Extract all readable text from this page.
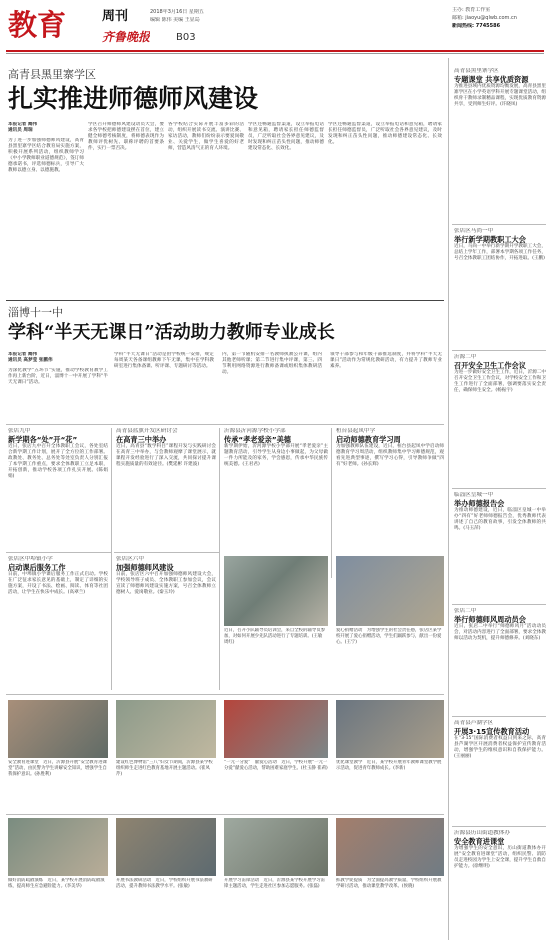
教育	周刊	2018年3月16日 星期五
编辑 陈伟 美编 王显岛
齐鲁晚报	B03
主办: 教育工作室
邮箱: jiaoyu@qlwb.com.cn
新闻热线: 7745586
高青县黑里寨学区
扎实推进师德师风建设
本报记者 阚伟
通讯员 周瑞
为了进一步加强师德师风建设，高青县黑里寨学区结合教育局实施方案，积极开展系列活动，组织教师学习《中小学教师职业道德规范》，签订师德承诺书，评选师德标兵，引导广大教师以德立身、以德施教。
学区召开师德师风建设动员大会，要求各学校把师德建设摆在首位，建立健全师德考核制度，将师德表现作为教师评优树先、职称评聘的首要条件，实行一票否决。
各学校结合实际开展丰富多彩的活动，组织开展读书交流、演讲比赛、家访活动，教师们纷纷表示要爱岗敬业、关爱学生，做学生喜爱的好老师，营造风清气正的育人环境。
学区还畅通监督渠道，设立举报电话和意见箱，聘请家长担任师德监督员，广泛听取社会各界意见建议，及时发现和纠正苗头性问题，推动师德建设常态化、长效化。
学区还畅通监督渠道，设立举报电话和意见箱，聘请家长担任师德监督员，广泛听取社会各界意见建议，及时发现和纠正苗头性问题，推动师德建设常态化、长效化。
淄博十一中
学科“半天无课日”活动助力教师专业成长
本报记者 阚伟
通讯员 高梦莹 张鹏伟
为深化教学“五环节”实施，推动学校教育教学工作再上新台阶，近日，淄博十一中开展了学科“半天无课日”活动。
学科“半天无课日”活动是由学校统一安排，规定每周某天各备课组教师下午无课，集中在学科教研室进行集体备课、听评课、专题研讨等活动。
内，第一节随机安排一名教师执教公开课，组内其他老师听课；第二节进行集中评课，第三、四节利用网络资源进行教师备课或组织集体教研活动。
领导干部参与和年级干部推选制度，并将学科“半天无课日”活动作为常规化教研活动，有力提升了教师专业素养。
张店九中
新学期各“处”开“花”
近日，张店九中召开全体教职工会议，各处室结合新学期工作计划，展开了全方位的工作部署。政教处、教务处、总务处等处室负责人分别汇报了本学期工作重点，要求全体教职工立足本职，开拓创新，推动学校各项工作扎实开展。(陈娟娟)
高青县蓝旗开发区研讨会
在高青三中举办
近日，高青县“数学科目”课程开发与实践研讨会在高青三中举办，与会教师观摩了课堂展示，就课程开发经验进行了深入交流，共同探讨提升课程实施质量的有效途径。(樊延彬 许建波)
沂源县沂河源学校小学部
传承“孝老爱亲”美德
新学期伊始，沂河源学校小学部开展“孝老爱亲”主题教育活动，引导学生从身边小事做起，为父母做一件力所能及的家务，学会感恩，传承中华民族传统美德。(王君君)
桓台县起凤中学
启动师德教育学习周
为加强教师队伍建设，近日，桓台县起凤中学启动师德教育学习周活动，组织教师集中学习师德规范，观看先进典型事迹，撰写学习心得，引导教师争做“四有”好老师。(孙长辉)
张店区中埠镇小学
启动课后服务工作
日前，中埠镇小学课后服务工作正式启动。学校在广泛征求家长意见的基础上，制定了详细的实施方案，开设了书法、绘画、阅读、体育等社团活动，让学生在快乐中成长。(高翠兰)
张店区六中
加强师德师风建设
日前，张店区六中召开加强师德师风建设大会，学校领导班子成员、全体教职工参加会议，会议宣读了师德师风建设实施方案，号召全体教师立德树人、爱岗敬业。(秦玉玲)
近日，召开小队辅导员培训会，来自全校的辅导员参加，对如何开展少先队活动进行了专题培训。(王敏 周红)
爱心捐赠活动　为增强学生的社会责任感，张店区某学校开展了爱心捐赠活动，学生们踊跃参与，献出一份爱心。(王宁)
安全教育进课堂　近日，沂源县开展“安全教育进课堂”活动，由民警为学生讲解安全知识，增强学生自我保护意识。(孙胜利)
建设红色博物馆“三八”妇女节期间，沂源县某学校组织师生走进红色教育基地开展主题活动。(崔凤芹)
“一元一分爱”　献爱心活动　近日，学校开展“一元一分爱”献爱心活动，帮助困难家庭学生。(杜玉静 崔莉)
优化课堂教学　近日，某学校开展青年教师课堂教学展示活动，促进青年教师成长。(李新)
做好消防疏散演练　近日，某学校开展消防疏散演练，提高师生应急避险能力。(李美华)
开展书法教研活动　近日，学校组织开展书法教研活动，提升教师书法教学水平。(张敏)
开展学习雷锋活动　近日，沂源县某学校开展学习雷锋主题活动，学生走进社区参加志愿服务。(张磊)
抓教学促提质　为全面提高教学质量，学校组织开展教学研讨活动，推动课堂教学改革。(侯晓)
高青县黑里寨学区
专题课堂 共享优质资源
为推进县域内优质资源均衡发展，高青县黑里寨学区在小学英语学科开展专题课堂活动，组织骨干教师录制精品课程，实现优质教育资源共享，受到师生好评。(许晓凤)
张店区马尚一中
举行新学期教职工大会
近日，马尚一中举行新学期开学教职工大会，总结上学年工作，部署本学期各项工作任务，号召全体教职工团结协作，开拓进取。(王鹏)
沂源二中
召开安全卫生工作会议
为进一步做好安全卫生工作，近日，沂源二中召开安全卫生工作会议，对学校安全工作和卫生工作进行了全面部署，强调要落实安全责任，确保师生安全。(杨振宇)
临淄区皇城一中
举办师德报告会
为推动师德建设，近日，临淄区皇城一中举办“四有”好老师师德报告会，优秀教师代表讲述了自己的教育故事，引发全体教师的共鸣。(马玉萍)
张店二中
举行师德师风周动员会
近日，张店二中举行“师德师风月”活动动员会，对活动内容进行了全面部署，要求全体教师以活动为契机，提升师德修养。(刘晓东)
高青县芦湖学区
开展3·15宣传教育活动
在“3·15”国际消费者权益日到来之际，高青县芦湖学区开展消费者权益保护宣传教育活动，增强学生的维权意识和自我保护能力。(王丽丽)
沂源县历山街道教体办
安全教育进课堂
为增强学生的安全意识，历山街道教体办开展“安全教育进课堂”活动，组织民警、消防员走进校园为学生上安全课，提升学生自救自护能力。(徐继明)
